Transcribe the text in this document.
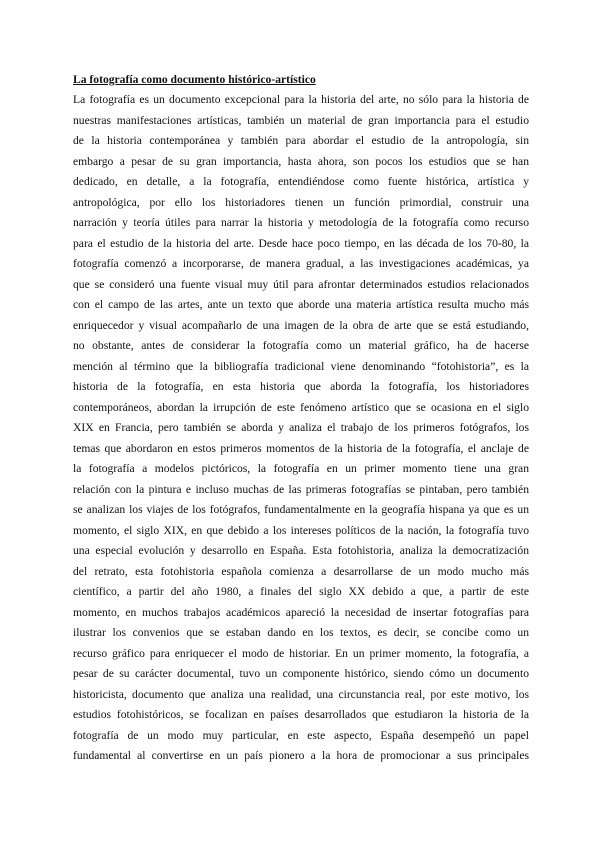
La fotografía como documento histórico-artístico
La fotografía es un documento excepcional para la historia del arte, no sólo para la historia de
nuestras manifestaciones artísticas, también un material de gran importancia para el estudio
de la historia contemporánea y también para abordar el estudio de la antropología, sin
embargo a pesar de su gran importancia, hasta ahora, son pocos los estudios que se han
dedicado, en detalle, a la fotografía, entendiéndose como fuente histórica, artística y
antropológica, por ello los historiadores tienen un función primordial, construir una
narración y teoría útiles para narrar la historia y metodología de la fotografía como recurso
para el estudio de la historia del arte. Desde hace poco tiempo, en las década de los 70-80, la
fotografía comenzó a incorporarse, de manera gradual, a las investigaciones académicas, ya
que se consideró una fuente visual muy útil para afrontar determinados estudios relacionados
con el campo de las artes, ante un texto que aborde una materia artística resulta mucho más
enriquecedor y visual acompañarlo de una imagen de la obra de arte que se está estudiando,
no obstante, antes de considerar la fotografía como un material gráfico, ha de hacerse
mención al término que la bibliografía tradicional viene denominando “fotohistoria”, es la
historia de la fotografía, en esta historia que aborda la fotografía, los historiadores
contemporáneos, abordan la irrupción de este fenómeno artístico que se ocasiona en el siglo
XIX en Francia, pero también se aborda y analiza el trabajo de los primeros fotógrafos, los
temas que abordaron en estos primeros momentos de la historia de la fotografía, el anclaje de
la fotografía a modelos pictóricos, la fotografía en un primer momento tiene una gran
relación con la pintura e incluso muchas de las primeras fotografías se pintaban, pero también
se analizan los viajes de los fotógrafos, fundamentalmente en la geografía hispana ya que es un
momento, el siglo XIX, en que debido a los intereses políticos de la nación, la fotografía tuvo
una especial evolución y desarrollo en España. Esta fotohistoria, analiza la democratización
del retrato, esta fotohistoria española comienza a desarrollarse de un modo mucho más
científico, a partir del año 1980, a finales del siglo XX debido a que, a partir de este
momento, en muchos trabajos académicos apareció la necesidad de insertar fotografías para
ilustrar los convenios que se estaban dando en los textos, es decir, se concibe como un
recurso gráfico para enriquecer el modo de historiar. En un primer momento, la fotografía, a
pesar de su carácter documental, tuvo un componente histórico, siendo cómo un documento
historicista, documento que analiza una realidad, una circunstancia real, por este motivo, los
estudios fotohistóricos, se focalizan en países desarrollados que estudiaron la historia de la
fotografía de un modo muy particular, en este aspecto, España desempeñó un papel
fundamental al convertirse en un país pionero a la hora de promocionar a sus principales
